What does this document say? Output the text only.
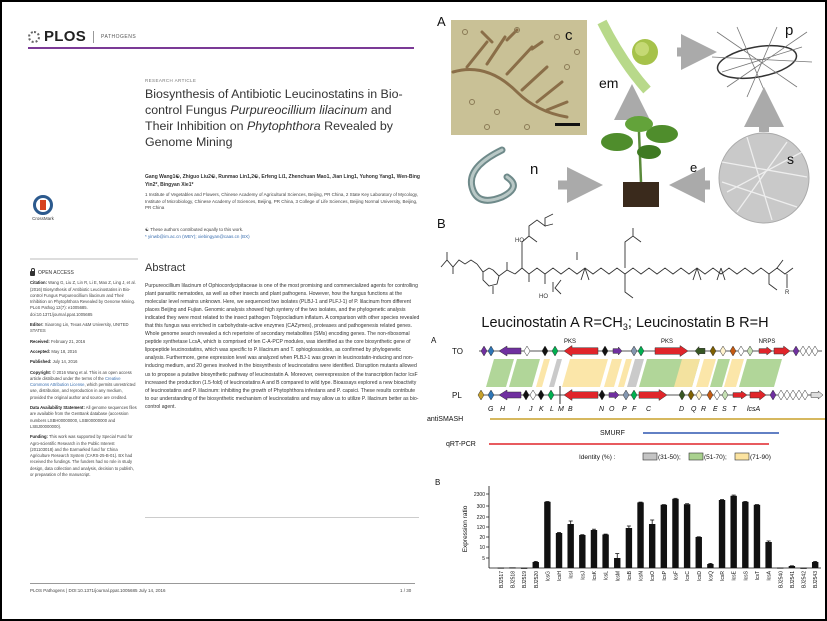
PLOS	PATHOGENS
CrossMark
RESEARCH ARTICLE
Biosynthesis of Antibiotic Leucinostatins in Bio-control Fungus Purpureocillium lilacinum and Their Inhibition on Phytophthora Revealed by Genome Mining
Gang Wang1☯, Zhiguo Liu2☯, Runmao Lin1,2☯, Erfeng Li1, Zhenchuan Mao1, Jian Ling1, Yuhong Yang1, Wen-Bing Yin2*, Bingyan Xie1*
1 Institute of Vegetables and Flowers, Chinese Academy of Agricultural Sciences, Beijing, PR China, 2 State Key Laboratory of Mycology, Institute of Microbiology, Chinese Academy of Sciences, Beijing, PR China, 3 College of Life Sciences, Beijing Normal University, Beijing, PR China
☯ These authors contributed equally to this work.
* yinwb@im.ac.cn (WBY); xiebingyan@caas.cn (BX)
OPEN ACCESS

Citation: Wang G, Liu Z, Lin R, Li E, Mao Z, Ling J, et al. (2016) Biosynthesis of Antibiotic Leucinostatins in Bio-control Fungus Purpureocillium lilacinum and Their Inhibition on Phytophthora Revealed by Genome Mining. PLoS Pathog 12(7): e1005685. doi:10.1371/journal.ppat.1005685

Editor: Xiaorong Lin, Texas A&M University, UNITED STATES

Received: February 21, 2016

Accepted: May 18, 2016

Published: July 14, 2016

Copyright: © 2016 Wang et al. This is an open access article distributed under the terms of the Creative Commons Attribution License, which permits unrestricted use, distribution, and reproduction in any medium, provided the original author and source are credited.

Data Availability Statement: All genome sequences files are available from the GenBank database (accession numbers LSBH00000000, LSBI00000000 and LSBJ00000000).

Funding: This work was supported by Special Fund for Agro-scientific Research in the Public Interest (201103018) and the Earmarked fund for China Agriculture Research System (CARS-25-B-01). BX had received the fundings. The funders had no role in study design, data collection and analysis, decision to publish, or preparation of the manuscript.

Abstract
Purpureocillium lilacinum of Ophiocordycipitaceae is one of the most promising and commercialized agents for controlling plant parasitic nematodes, as well as other insects and plant pathogens. However, how the fungus functions at the molecular level remains unknown. Here, we sequenced two isolates (PLBJ-1 and PLFJ-1) of P. lilacinum from different places Beijing and Fujian. Genomic analysis showed high synteny of the two isolates, and the phylogenetic analysis indicated they were most related to the insect pathogen Tolypocladium inflatum. A comparison with other species revealed that this fungus was enriched in carbohydrate-active enzymes (CAZymes), proteases and pathogenesis related genes. Whole genome search revealed a rich repertoire of secondary metabolites (SMs) encoding genes. The non-ribosomal peptide synthetase LcsA, which is comprised of ten C-A-PCP modules, was identified as the core biosynthetic gene of lipopeptide leucinostatins, which was specific to P. lilacinum and T. ophioglossoides, as confirmed by phylogenetic analysis. Furthermore, gene expression level was analyzed when PLBJ-1 was grown in leucinostatin-inducing and non-inducing medium, and 20 genes involved in the biosynthesis of leucinostatins were identified. Disruption mutants allowed us to propose a putative biosynthetic pathway of leucinostatin A. Moreover, overexpression of the transcription factor lcsF increased the production (1.5-fold) of leucinostatins A and B compared to wild type. Bioassays explored a new bioactivity of leucinostatins and P. lilacinum: inhibiting the growth of Phytophthora infestans and P. capsici. These results contribute to our understanding of the biosynthetic mechanism of leucinostatins and may allow us to utilize P. lilacinum better as bio-control agent.
PLOS Pathogens | DOI:10.1371/journal.ppat.1005685 July 14, 2016	1 / 30
A
c
em
p
n	e
s
B
HO
HO
R
Leucinostatin A $R=CH_3$; Leucinostatin B R=H
A
TO
PL
PKS	PKS	NRPS
G H I J K L M B	N O P F C	D Q R E S T lcsA
antiSMASH
SMURF
qRT-PCR
Identity (%) :	(31-50);	(51-70);	(71-90)
B
Expression ratio
5
10
20
120
220
300
2300
BJ2517 BJ2518 BJ2519 BJ2520 lcsG lcsH lcsI lcsJ lcsK lcsL lcsM lcsB lcsN lcsO lcsP lcsF lcsC lcsD lcsQ lcsR lcsE lcsS lcsT lcsA BJ2540 BJ2541 BJ2542 BJ2543
